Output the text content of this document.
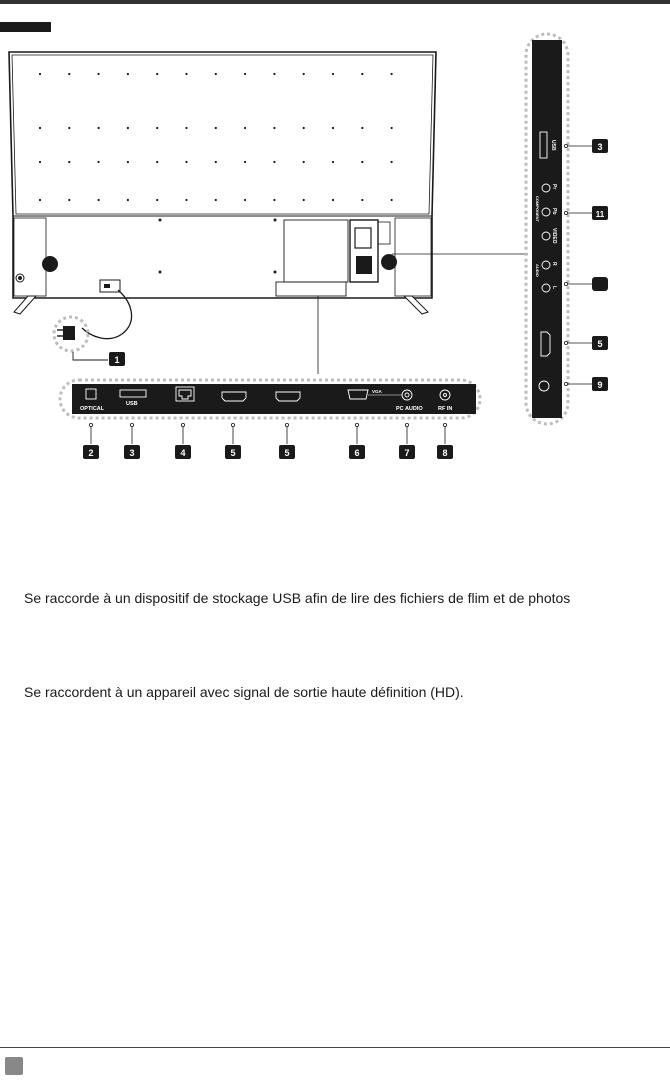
OPTICAL
USB
VGA
PC AUDIO	RF IN
USB
COMPONENT
Pr
Pb
VIDEO
AUDIO
R
L
1
2	3	4	5	5	6	7	8
3
11
5
9
Se raccorde à un dispositif de stockage USB afin de lire des fichiers de flim et de photos
Se raccordent à un appareil avec signal de sortie haute définition (HD).
